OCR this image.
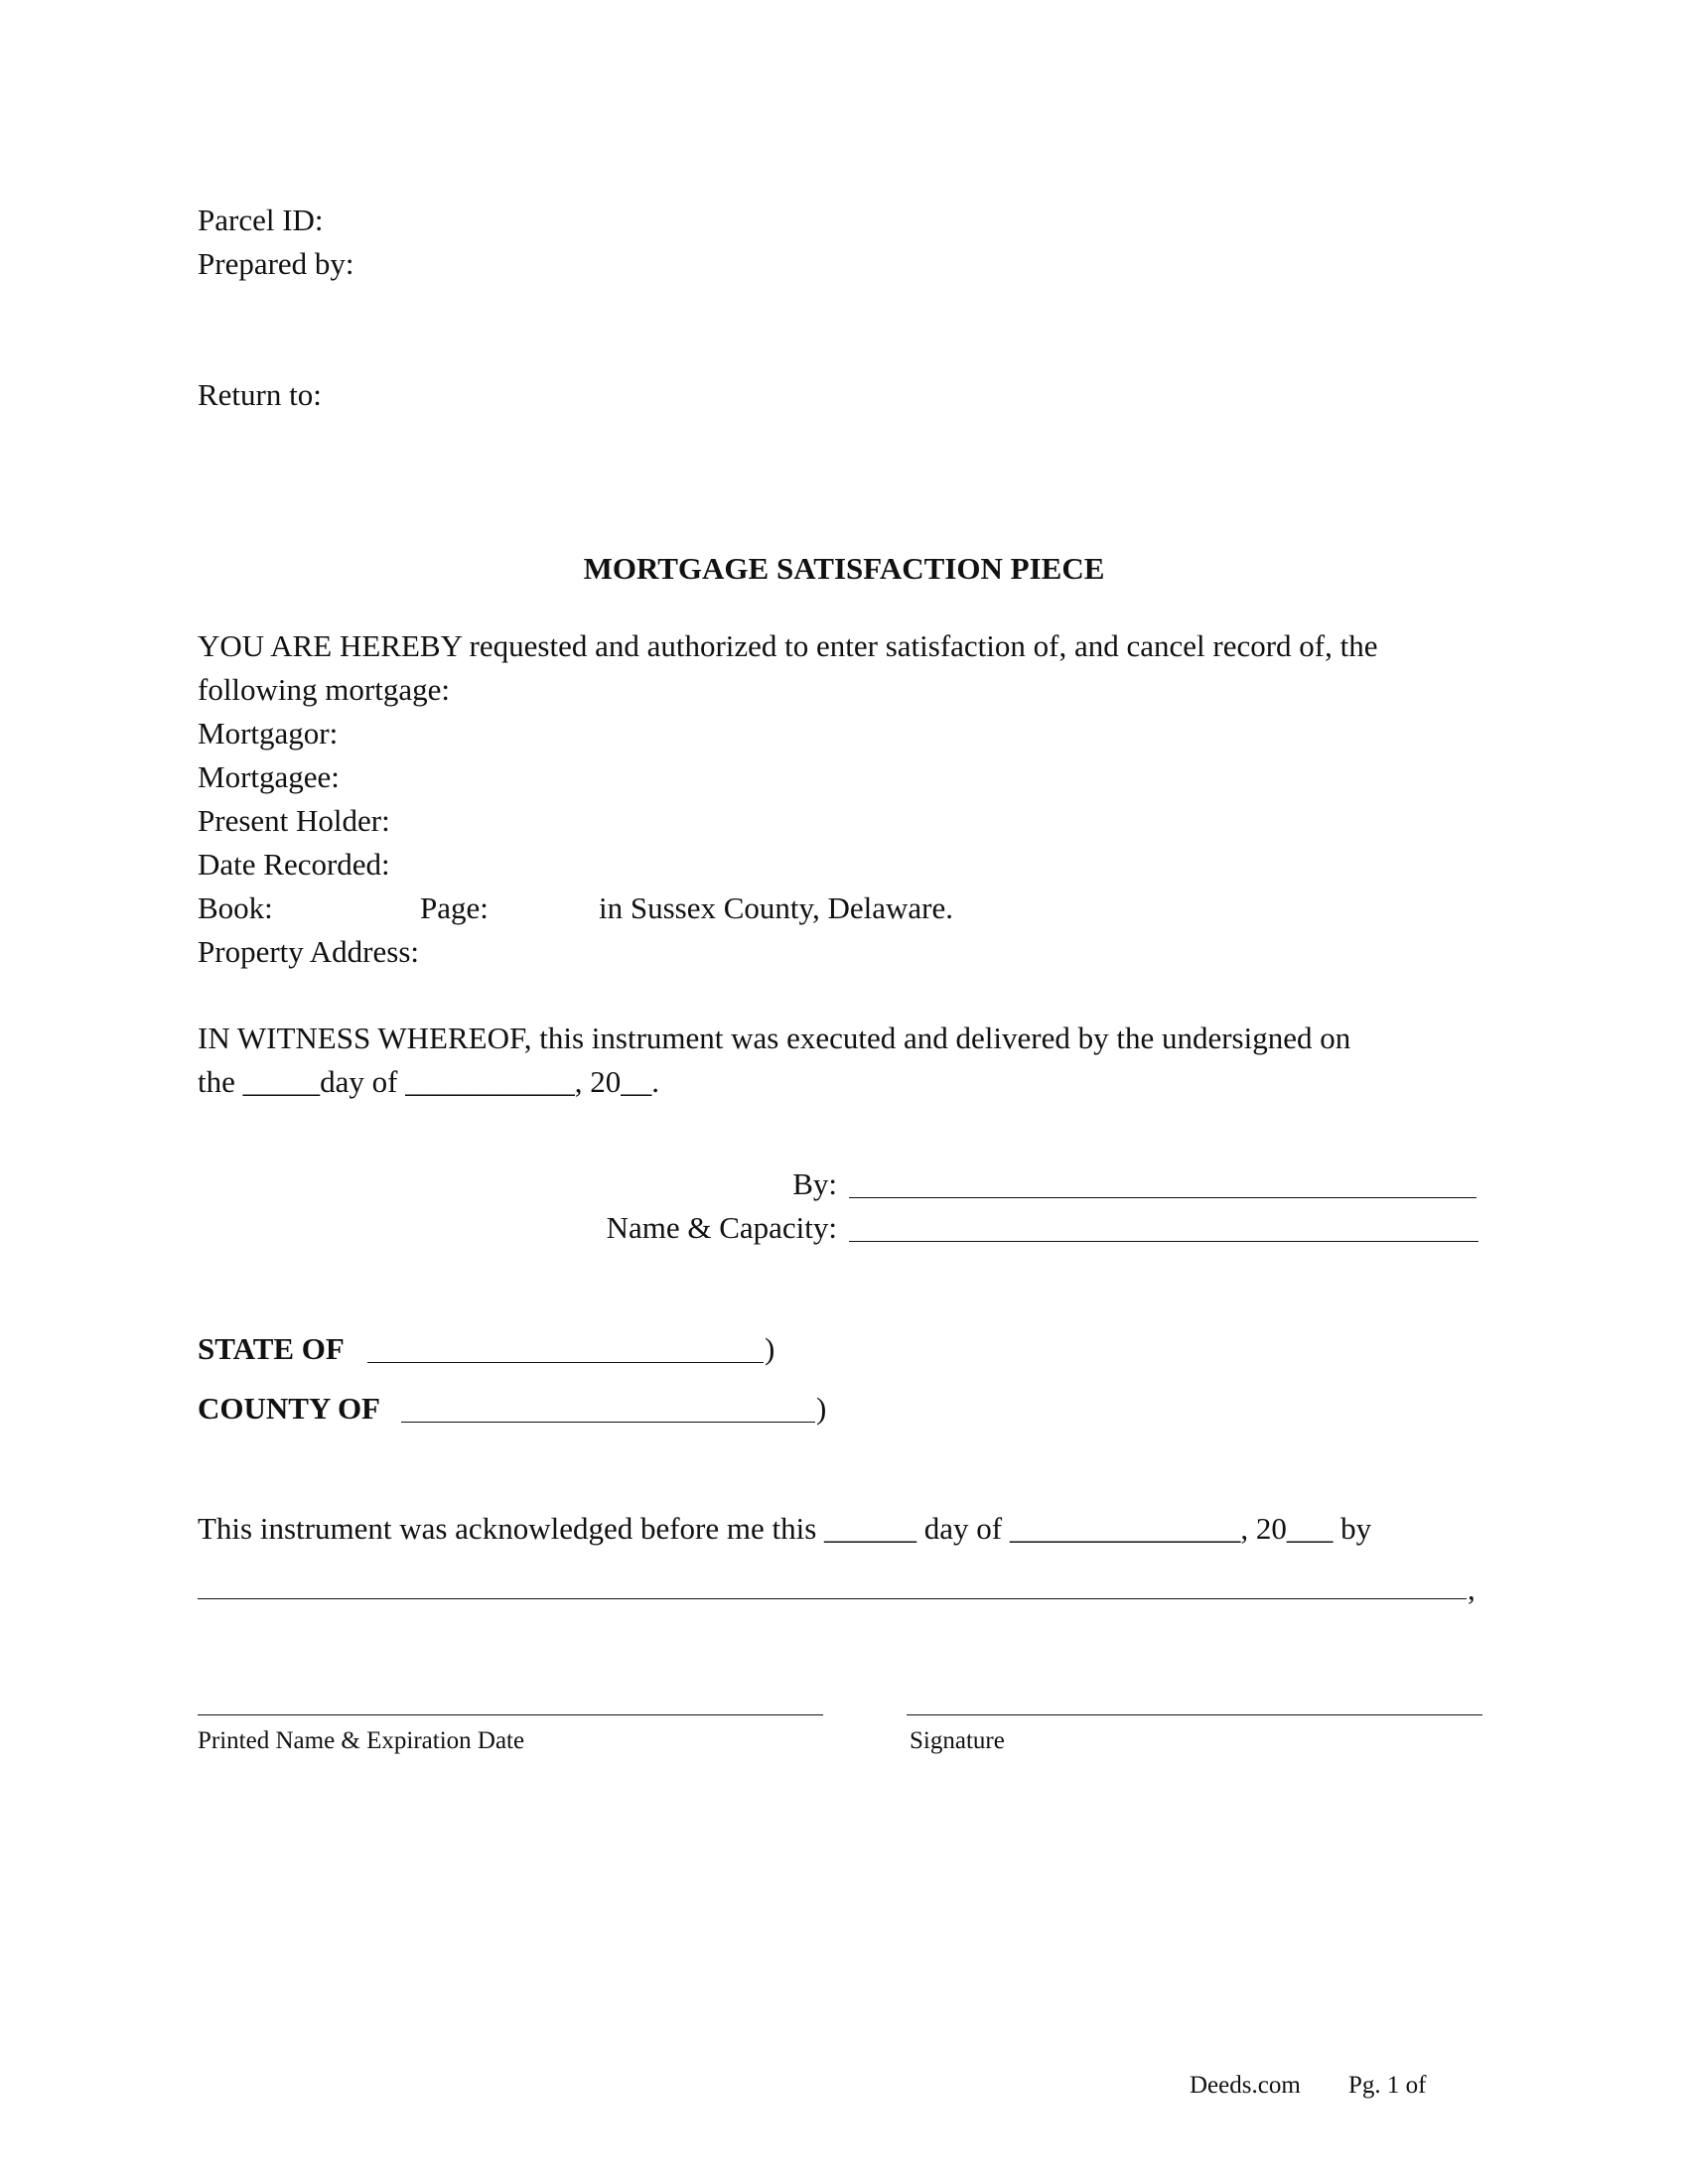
Parcel ID:
Prepared by:
Return to:
MORTGAGE SATISFACTION PIECE
YOU ARE HEREBY requested and authorized to enter satisfaction of, and cancel record of, the
following mortgage:
Mortgagor:
Mortgagee:
Present Holder:
Date Recorded:
Book:	Page:	in Sussex County, Delaware.
Property Address:
IN WITNESS WHEREOF, this instrument was executed and delivered by the undersigned on
the _____day of ___________, 20__.
By:
Name & Capacity:
STATE OF	)
COUNTY OF	)
This instrument was acknowledged before me this ______ day of _______________, 20___ by
,
Printed Name & Expiration Date	Signature
Deeds.com Pg. 1 of
